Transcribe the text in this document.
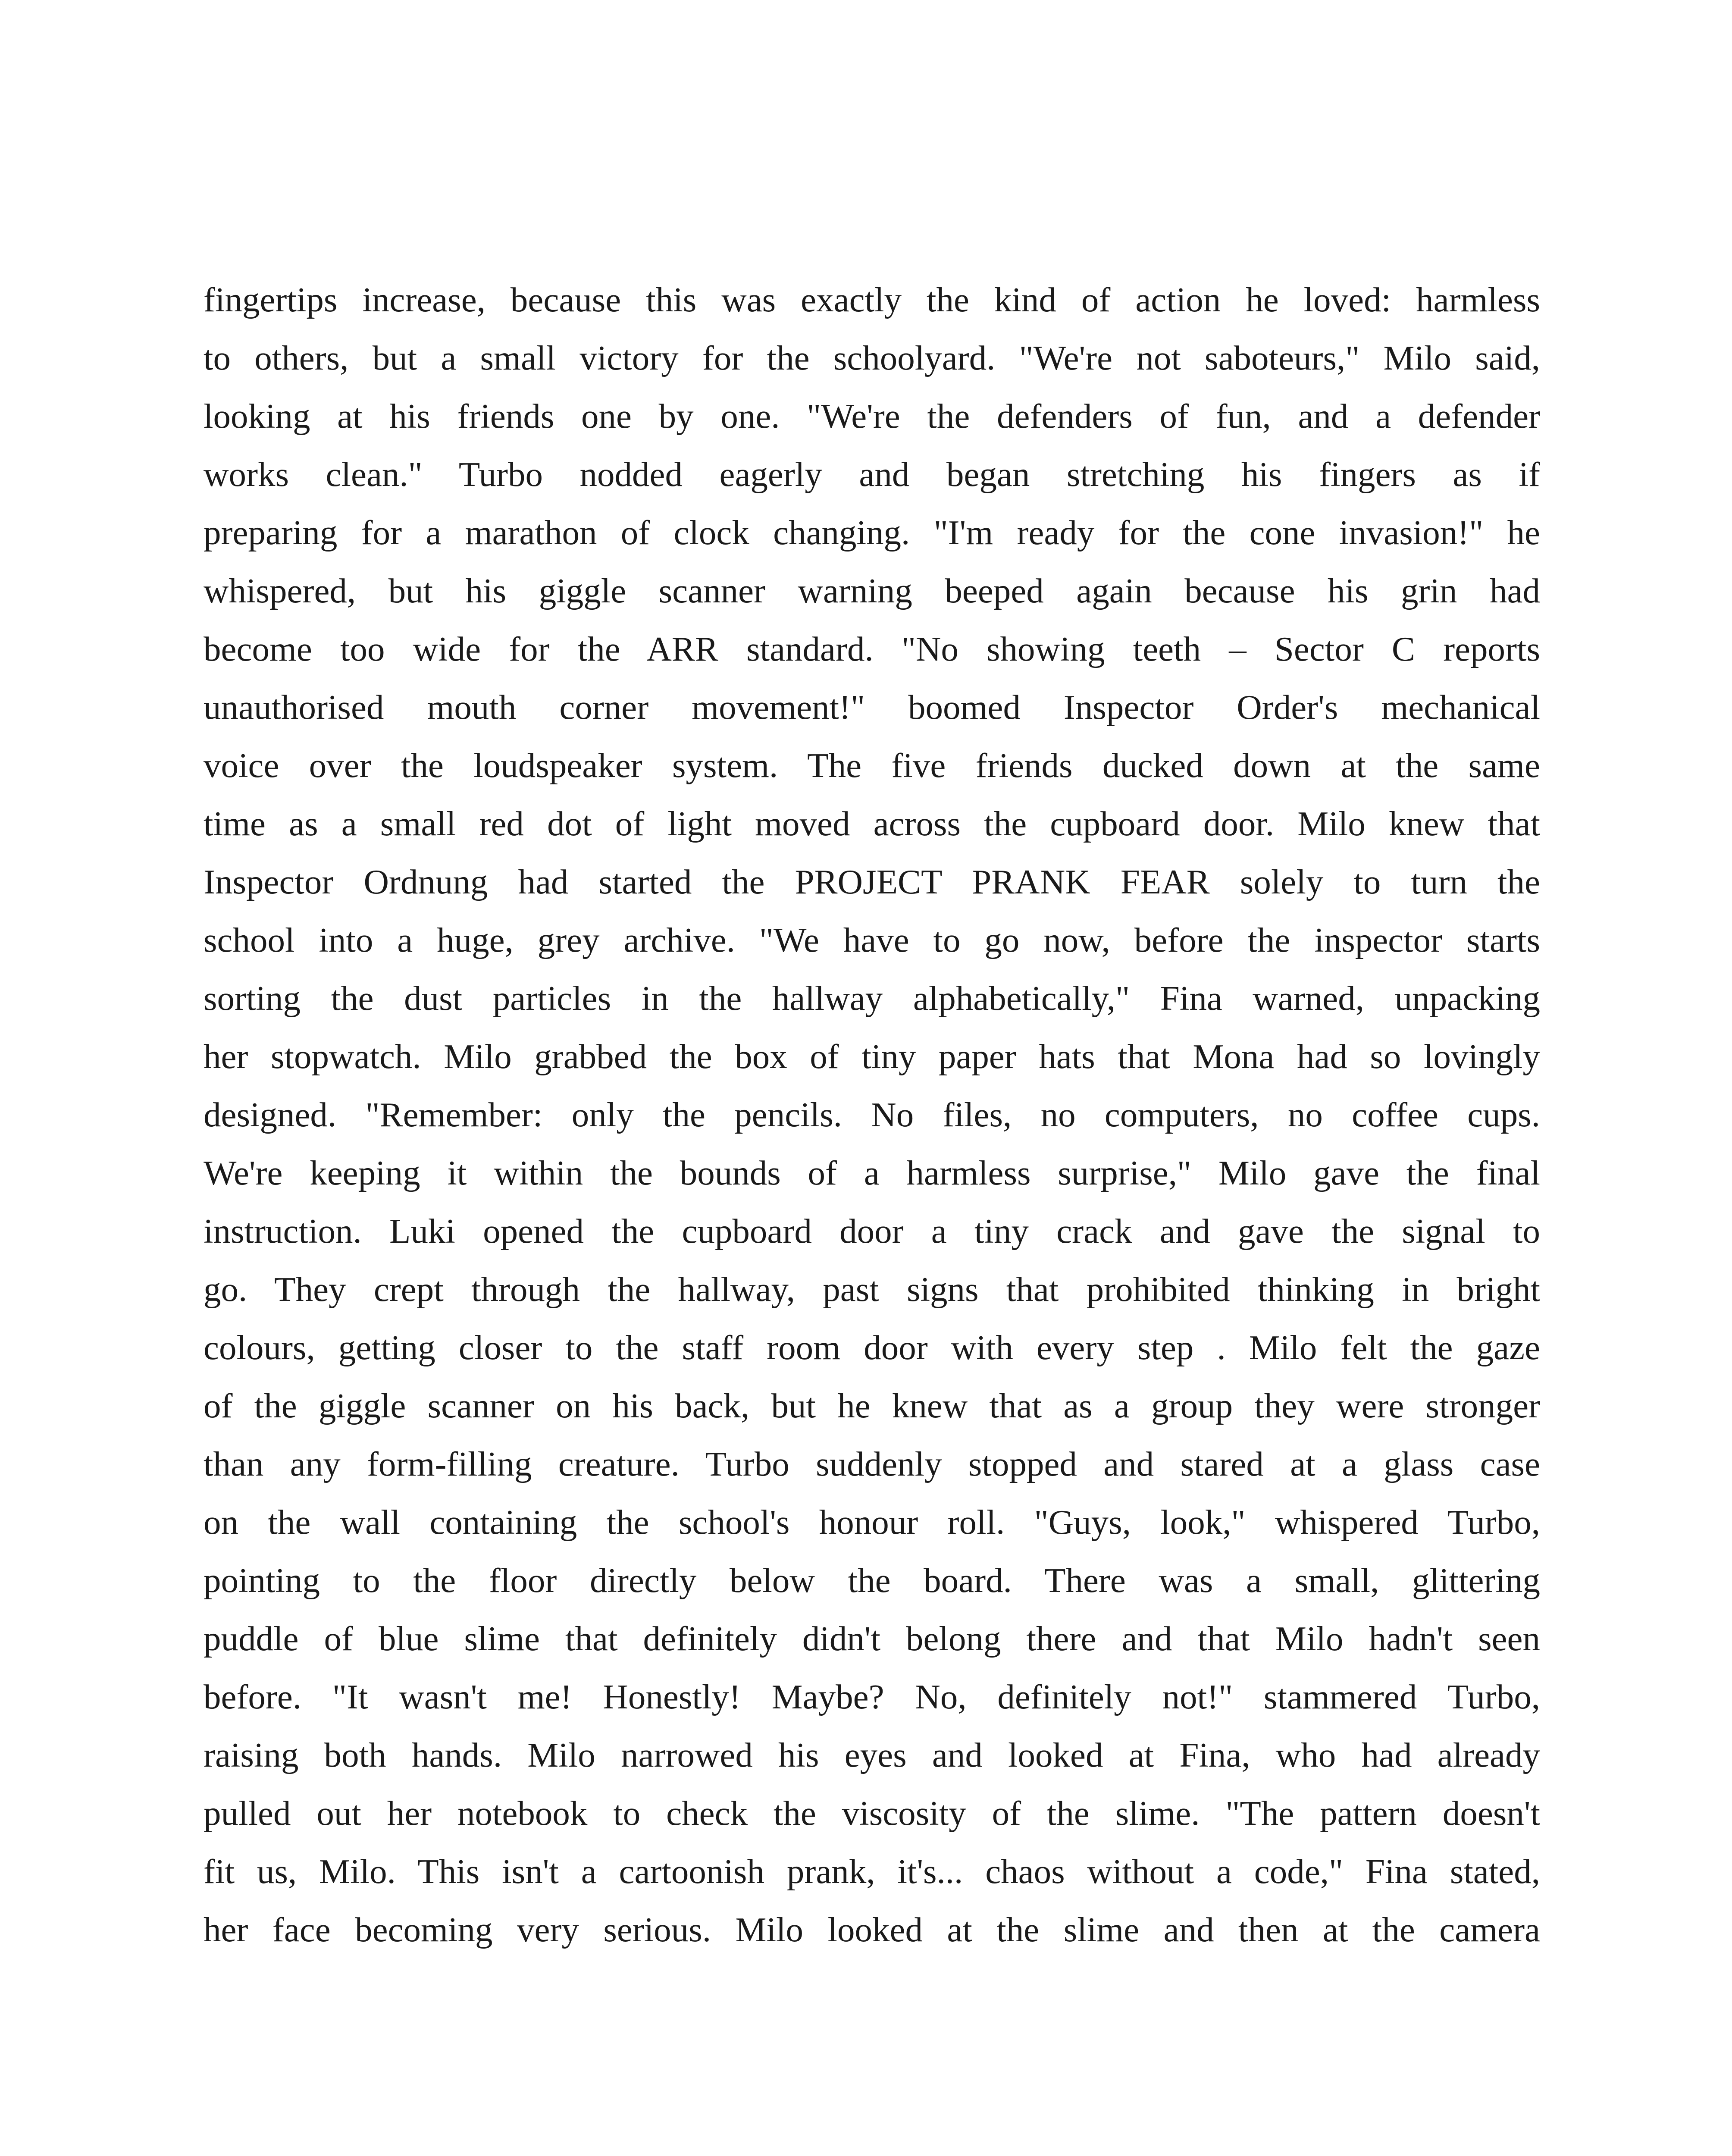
fingertips increase, because this was exactly the kind of action he loved: harmless
to others, but a small victory for the schoolyard. "We're not saboteurs," Milo said,
looking at his friends one by one. "We're the defenders of fun, and a defender
works clean." Turbo nodded eagerly and began stretching his fingers as if
preparing for a marathon of clock changing. "I'm ready for the cone invasion!" he
whispered, but his giggle scanner warning beeped again because his grin had
become too wide for the ARR standard. "No showing teeth – Sector C reports
unauthorised mouth corner movement!" boomed Inspector Order's mechanical
voice over the loudspeaker system. The five friends ducked down at the same
time as a small red dot of light moved across the cupboard door. Milo knew that
Inspector Ordnung had started the PROJECT PRANK FEAR solely to turn the
school into a huge, grey archive. "We have to go now, before the inspector starts
sorting the dust particles in the hallway alphabetically," Fina warned, unpacking
her stopwatch. Milo grabbed the box of tiny paper hats that Mona had so lovingly
designed. "Remember: only the pencils. No files, no computers, no coffee cups.
We're keeping it within the bounds of a harmless surprise," Milo gave the final
instruction. Luki opened the cupboard door a tiny crack and gave the signal to
go. They crept through the hallway, past signs that prohibited thinking in bright
colours, getting closer to the staff room door with every step . Milo felt the gaze
of the giggle scanner on his back, but he knew that as a group they were stronger
than any form-filling creature. Turbo suddenly stopped and stared at a glass case
on the wall containing the school's honour roll. "Guys, look," whispered Turbo,
pointing to the floor directly below the board. There was a small, glittering
puddle of blue slime that definitely didn't belong there and that Milo hadn't seen
before. "It wasn't me! Honestly! Maybe? No, definitely not!" stammered Turbo,
raising both hands. Milo narrowed his eyes and looked at Fina, who had already
pulled out her notebook to check the viscosity of the slime. "The pattern doesn't
fit us, Milo. This isn't a cartoonish prank, it's... chaos without a code," Fina stated,
her face becoming very serious. Milo looked at the slime and then at the camera
